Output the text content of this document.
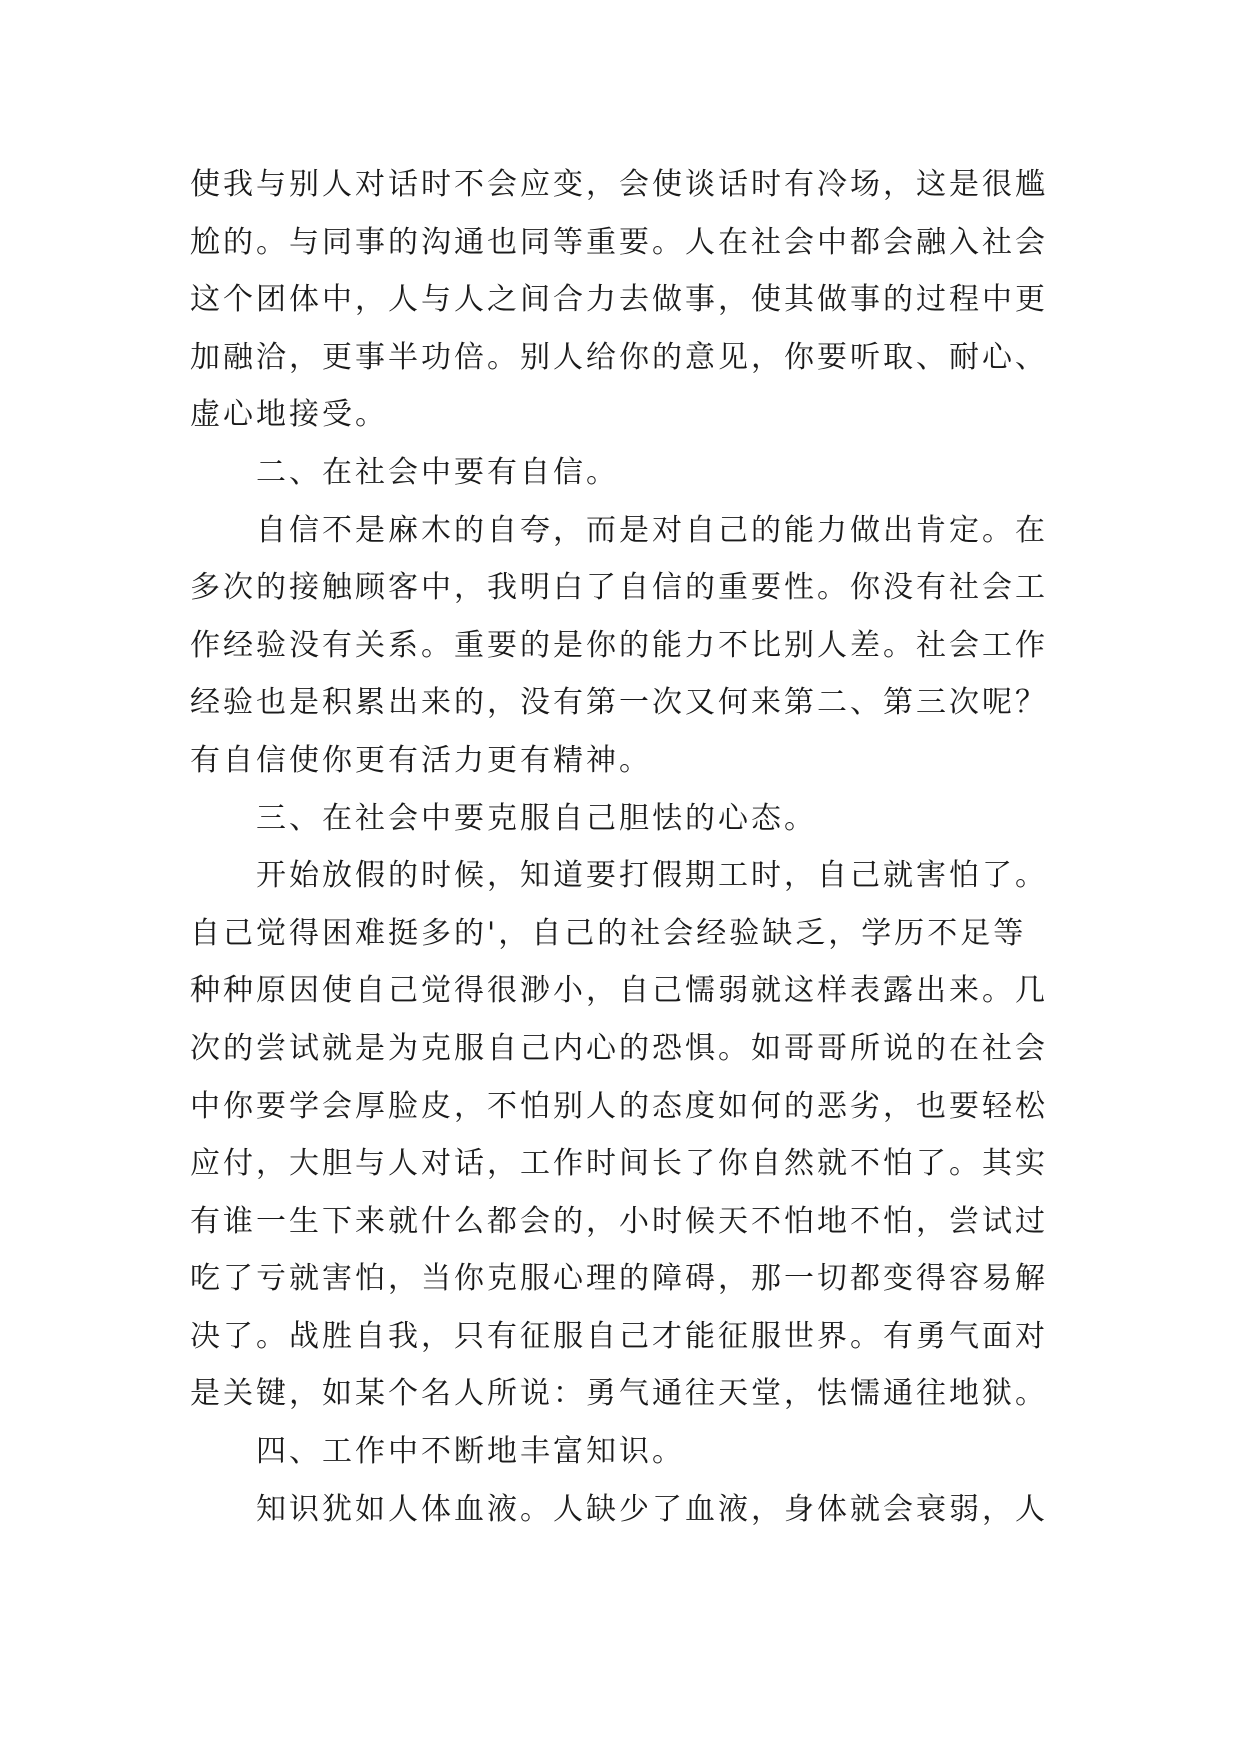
使我与别人对话时不会应变，会使谈话时有冷场，这是很尴
尬的。与同事的沟通也同等重要。人在社会中都会融入社会
这个团体中，人与人之间合力去做事，使其做事的过程中更
加融洽，更事半功倍。别人给你的意见，你要听取、耐心、
虚心地接受。
二、在社会中要有自信。
自信不是麻木的自夸，而是对自己的能力做出肯定。在
多次的接触顾客中，我明白了自信的重要性。你没有社会工
作经验没有关系。重要的是你的能力不比别人差。社会工作
经验也是积累出来的，没有第一次又何来第二、第三次呢？
有自信使你更有活力更有精神。
三、在社会中要克服自己胆怯的心态。
开始放假的时候，知道要打假期工时，自己就害怕了。
自己觉得困难挺多的'，自己的社会经验缺乏，学历不足等
种种原因使自己觉得很渺小，自己懦弱就这样表露出来。几
次的尝试就是为克服自己内心的恐惧。如哥哥所说的在社会
中你要学会厚脸皮，不怕别人的态度如何的恶劣，也要轻松
应付，大胆与人对话，工作时间长了你自然就不怕了。其实
有谁一生下来就什么都会的，小时候天不怕地不怕，尝试过
吃了亏就害怕，当你克服心理的障碍，那一切都变得容易解
决了。战胜自我，只有征服自己才能征服世界。有勇气面对
是关键，如某个名人所说：勇气通往天堂，怯懦通往地狱。
四、工作中不断地丰富知识。
知识犹如人体血液。人缺少了血液，身体就会衰弱，人
